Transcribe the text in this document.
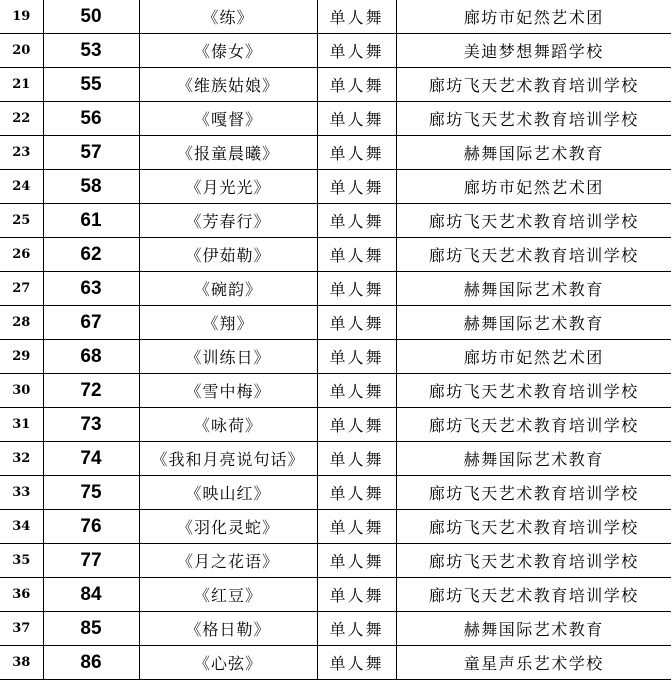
19	50	《练》	单人舞	廊坊市妃然艺术团
20	53	《傣女》	单人舞	美迪梦想舞蹈学校
21	55	《维族姑娘》	单人舞	廊坊飞天艺术教育培训学校
22	56	《嘎督》	单人舞	廊坊飞天艺术教育培训学校
23	57	《报童晨曦》	单人舞	赫舞国际艺术教育
24	58	《月光光》	单人舞	廊坊市妃然艺术团
25	61	《芳春行》	单人舞	廊坊飞天艺术教育培训学校
26	62	《伊茹勒》	单人舞	廊坊飞天艺术教育培训学校
27	63	《碗韵》	单人舞	赫舞国际艺术教育
28	67	《翔》	单人舞	赫舞国际艺术教育
29	68	《训练日》	单人舞	廊坊市妃然艺术团
30	72	《雪中梅》	单人舞	廊坊飞天艺术教育培训学校
31	73	《咏荷》	单人舞	廊坊飞天艺术教育培训学校
32	74	《我和月亮说句话》	单人舞	赫舞国际艺术教育
33	75	《映山红》	单人舞	廊坊飞天艺术教育培训学校
34	76	《羽化灵蛇》	单人舞	廊坊飞天艺术教育培训学校
35	77	《月之花语》	单人舞	廊坊飞天艺术教育培训学校
36	84	《红豆》	单人舞	廊坊飞天艺术教育培训学校
37	85	《格日勒》	单人舞	赫舞国际艺术教育
38	86	《心弦》	单人舞	童星声乐艺术学校
